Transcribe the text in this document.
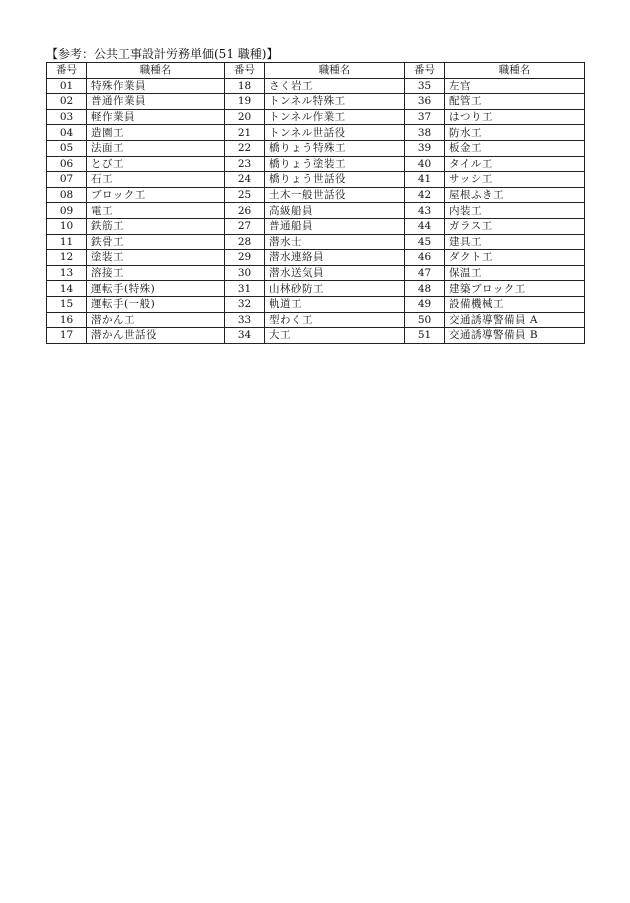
【参考：公共工事設計労務単価(51 職種)】
番号	職種名	番号	職種名	番号	職種名
01	特殊作業員	18	さく岩工	35	左官
02	普通作業員	19	トンネル特殊工	36	配管工
03	軽作業員	20	トンネル作業工	37	はつり工
04	造園工	21	トンネル世話役	38	防水工
05	法面工	22	橋りょう特殊工	39	板金工
06	とび工	23	橋りょう塗装工	40	タイル工
07	石工	24	橋りょう世話役	41	サッシ工
08	ブロック工	25	土木一般世話役	42	屋根ふき工
09	電工	26	高級船員	43	内装工
10	鉄筋工	27	普通船員	44	ガラス工
11	鉄骨工	28	潜水士	45	建具工
12	塗装工	29	潜水連絡員	46	ダクト工
13	溶接工	30	潜水送気員	47	保温工
14	運転手(特殊)	31	山林砂防工	48	建築ブロック工
15	運転手(一般)	32	軌道工	49	設備機械工
16	潜かん工	33	型わく工	50	交通誘導警備員 A
17	潜かん世話役	34	大工	51	交通誘導警備員 B
